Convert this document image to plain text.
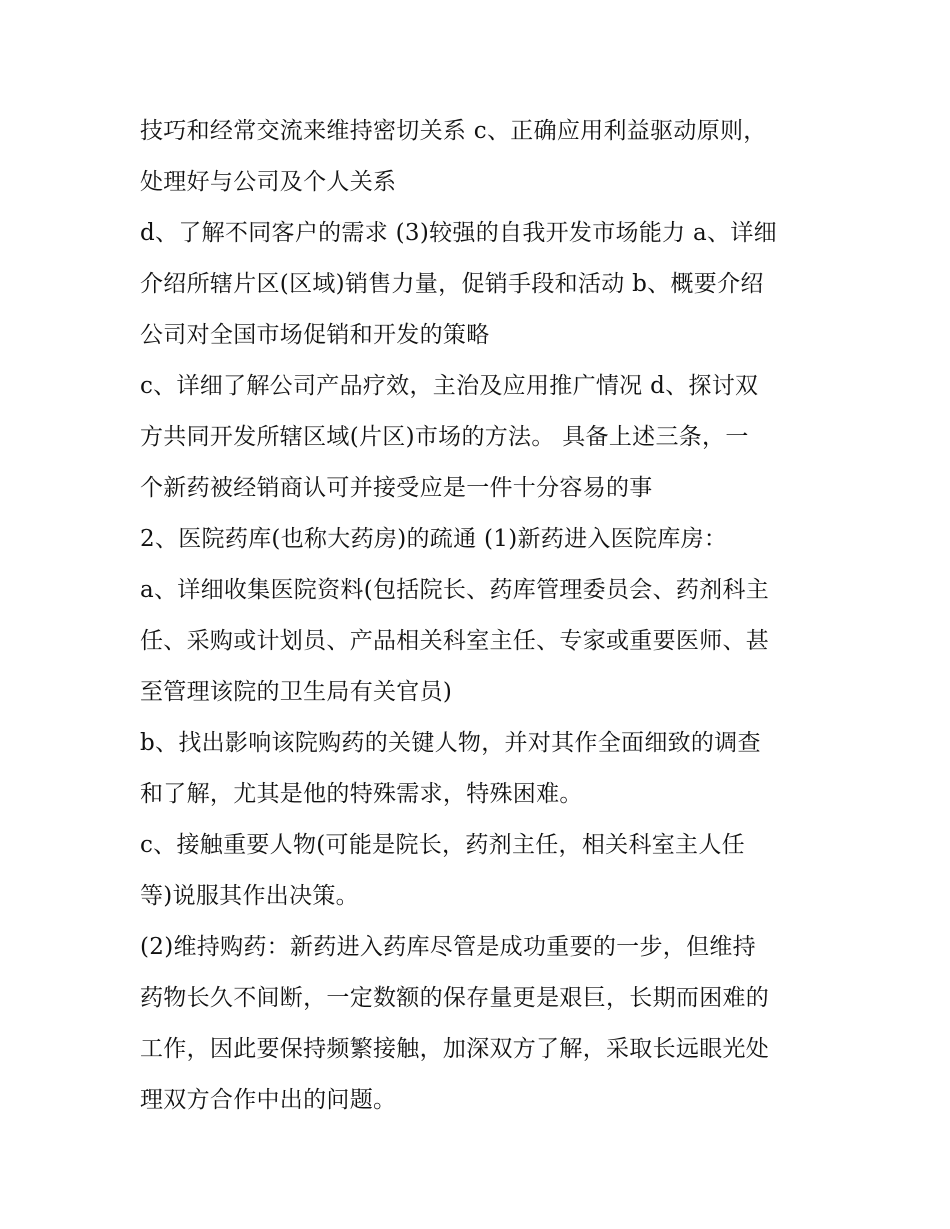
技巧和经常交流来维持密切关系 c、正确应用利益驱动原则，
处理好与公司及个人关系
d、了解不同客户的需求 (3)较强的自我开发市场能力 a、详细
介绍所辖片区(区域)销售力量，促销手段和活动 b、概要介绍
公司对全国市场促销和开发的策略
c、详细了解公司产品疗效，主治及应用推广情况 d、探讨双
方共同开发所辖区域(片区)市场的方法。 具备上述三条，一
个新药被经销商认可并接受应是一件十分容易的事
2、医院药库(也称大药房)的疏通 (1)新药进入医院库房：
a、详细收集医院资料(包括院长、药库管理委员会、药剂科主
任、采购或计划员、产品相关科室主任、专家或重要医师、甚
至管理该院的卫生局有关官员)
b、找出影响该院购药的关键人物，并对其作全面细致的调查
和了解，尤其是他的特殊需求，特殊困难。
c、接触重要人物(可能是院长，药剂主任，相关科室主人任
等)说服其作出决策。
(2)维持购药：新药进入药库尽管是成功重要的一步，但维持
药物长久不间断，一定数额的保存量更是艰巨，长期而困难的
工作，因此要保持频繁接触，加深双方了解，采取长远眼光处
理双方合作中出的问题。
